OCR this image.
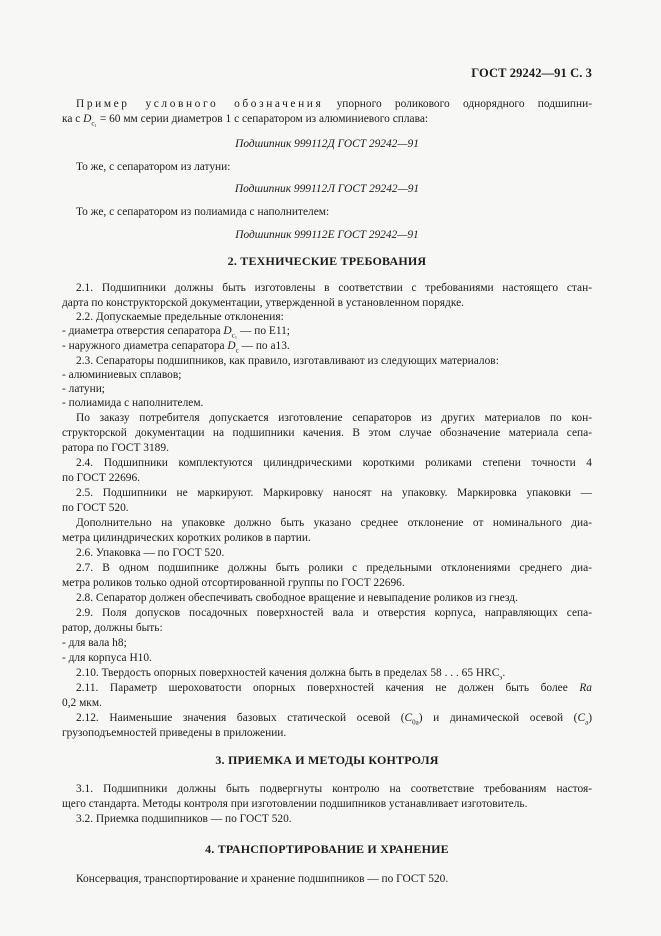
ГОСТ 29242—91 С. 3
Пример условного обозначения упорного роликового однорядного подшипни-
ка с $D_{c_1} = 60$ мм серии диаметров 1 с сепаратором из алюминиевого сплава:
Подшипник 999112Д ГОСТ 29242—91
То же, с сепаратором из латуни:
Подшипник 999112Л ГОСТ 29242—91
То же, с сепаратором из полиамида с наполнителем:
Подшипник 999112Е ГОСТ 29242—91
2. ТЕХНИЧЕСКИЕ ТРЕБОВАНИЯ
2.1. Подшипники должны быть изготовлены в соответствии с требованиями настоящего стан-
дарта по конструкторской документации, утвержденной в установленном порядке.
2.2. Допускаемые предельные отклонения:
- диаметра отверстия сепаратора $D_{c_1}$ — по E11;
- наружного диаметра сепаратора $D_c$ — по a13.
2.3. Сепараторы подшипников, как правило, изготавливают из следующих материалов:
- алюминиевых сплавов;
- латуни;
- полиамида с наполнителем.
По заказу потребителя допускается изготовление сепараторов из других материалов по кон-
структорской документации на подшипники качения. В этом случае обозначение материала сепа-
ратора по ГОСТ 3189.
2.4. Подшипники комплектуются цилиндрическими короткими роликами степени точности 4
по ГОСТ 22696.
2.5. Подшипники не маркируют. Маркировку наносят на упаковку. Маркировка упаковки —
по ГОСТ 520.
Дополнительно на упаковке должно быть указано среднее отклонение от номинального диа-
метра цилиндрических коротких роликов в партии.
2.6. Упаковка — по ГОСТ 520.
2.7. В одном подшипнике должны быть ролики с предельными отклонениями среднего диа-
метра роликов только одной отсортированной группы по ГОСТ 22696.
2.8. Сепаратор должен обеспечивать свободное вращение и невыпадение роликов из гнезд.
2.9. Поля допусков посадочных поверхностей вала и отверстия корпуса, направляющих сепа-
ратор, должны быть:
- для вала h8;
- для корпуса H10.
2.10. Твердость опорных поверхностей качения должна быть в пределах 58 . . . 65 $HRC_э$.
2.11. Параметр шероховатости опорных поверхностей качения не должен быть более Ra
0,2 мкм.
2.12. Наименьшие значения базовых статической осевой $(C_{0a})$ и динамической осевой $(C_a)$
грузоподъемностей приведены в приложении.
3. ПРИЕМКА И МЕТОДЫ КОНТРОЛЯ
3.1. Подшипники должны быть подвергнуты контролю на соответствие требованиям настоя-
щего стандарта. Методы контроля при изготовлении подшипников устанавливает изготовитель.
3.2. Приемка подшипников — по ГОСТ 520.
4. ТРАНСПОРТИРОВАНИЕ И ХРАНЕНИЕ
Консервация, транспортирование и хранение подшипников — по ГОСТ 520.
